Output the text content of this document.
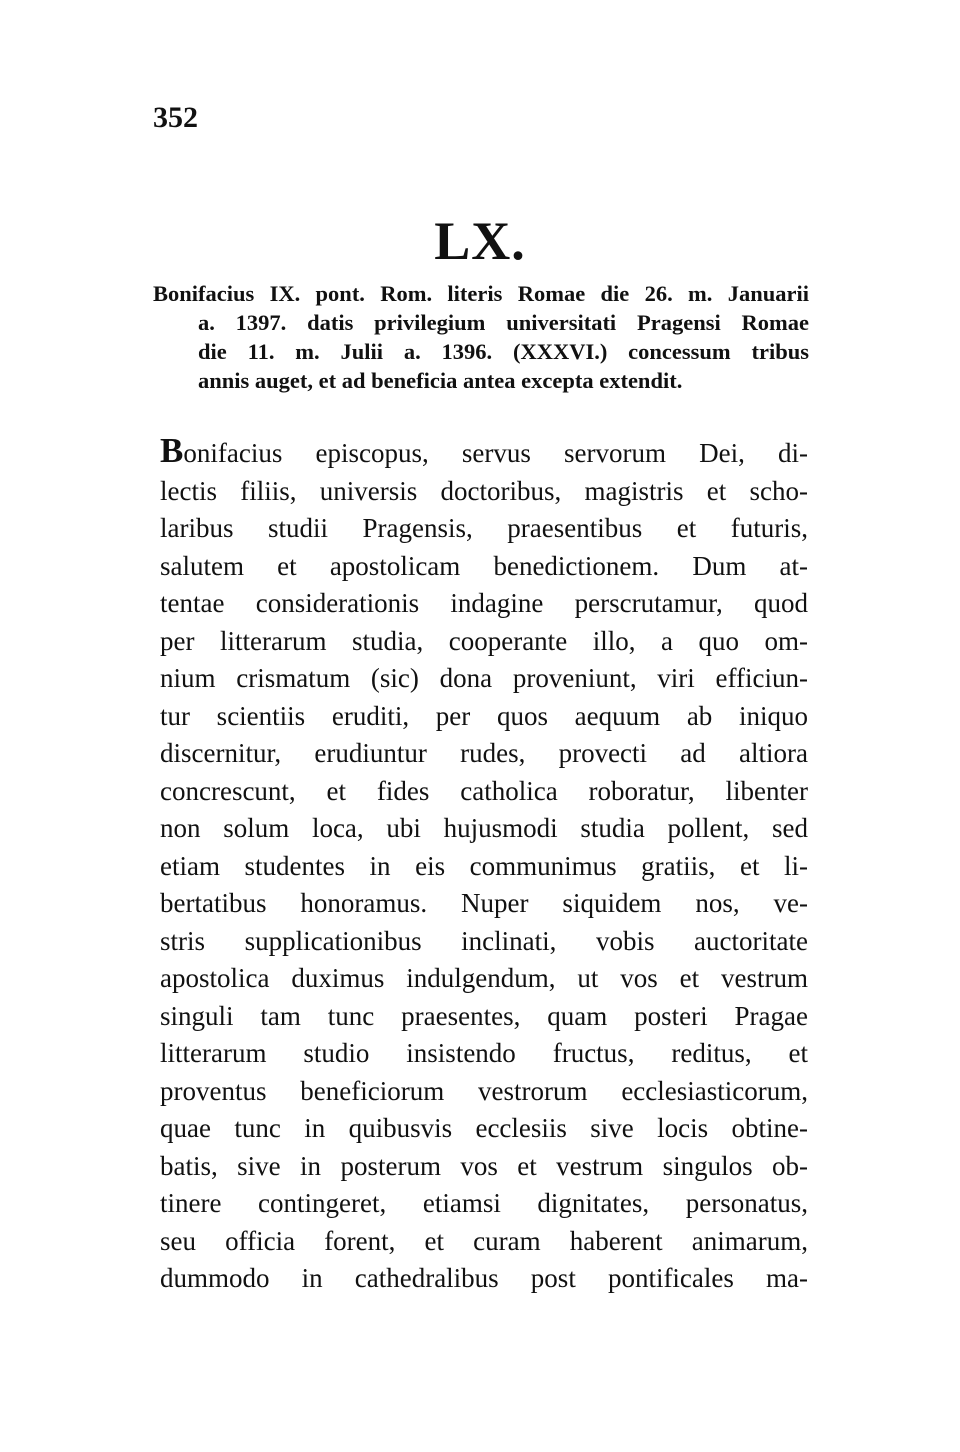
352
LX.
Bonifacius IX. pont. Rom. literis Romae die 26. m. Januarii
a. 1397. datis privilegium universitati Pragensi Romae
die 11. m. Julii a. 1396. (XXXVI.) concessum tribus
annis auget, et ad beneficia antea excepta extendit.
Bonifacius episcopus, servus servorum Dei, di-
lectis filiis, universis doctoribus, magistris et scho-
laribus studii Pragensis, praesentibus et futuris,
salutem et apostolicam benedictionem. Dum at-
tentae considerationis indagine perscrutamur, quod
per litterarum studia, cooperante illo, a quo om-
nium crismatum (sic) dona proveniunt, viri efficiun-
tur scientiis eruditi, per quos aequum ab iniquo
discernitur, erudiuntur rudes, provecti ad altiora
concrescunt, et fides catholica roboratur, libenter
non solum loca, ubi hujusmodi studia pollent, sed
etiam studentes in eis communimus gratiis, et li-
bertatibus honoramus. Nuper siquidem nos, ve-
stris supplicationibus inclinati, vobis auctoritate
apostolica duximus indulgendum, ut vos et vestrum
singuli tam tunc praesentes, quam posteri Pragae
litterarum studio insistendo fructus, reditus, et
proventus beneficiorum vestrorum ecclesiasticorum,
quae tunc in quibusvis ecclesiis sive locis obtine-
batis, sive in posterum vos et vestrum singulos ob-
tinere contingeret, etiamsi dignitates, personatus,
seu officia forent, et curam haberent animarum,
dummodo in cathedralibus post pontificales ma-
